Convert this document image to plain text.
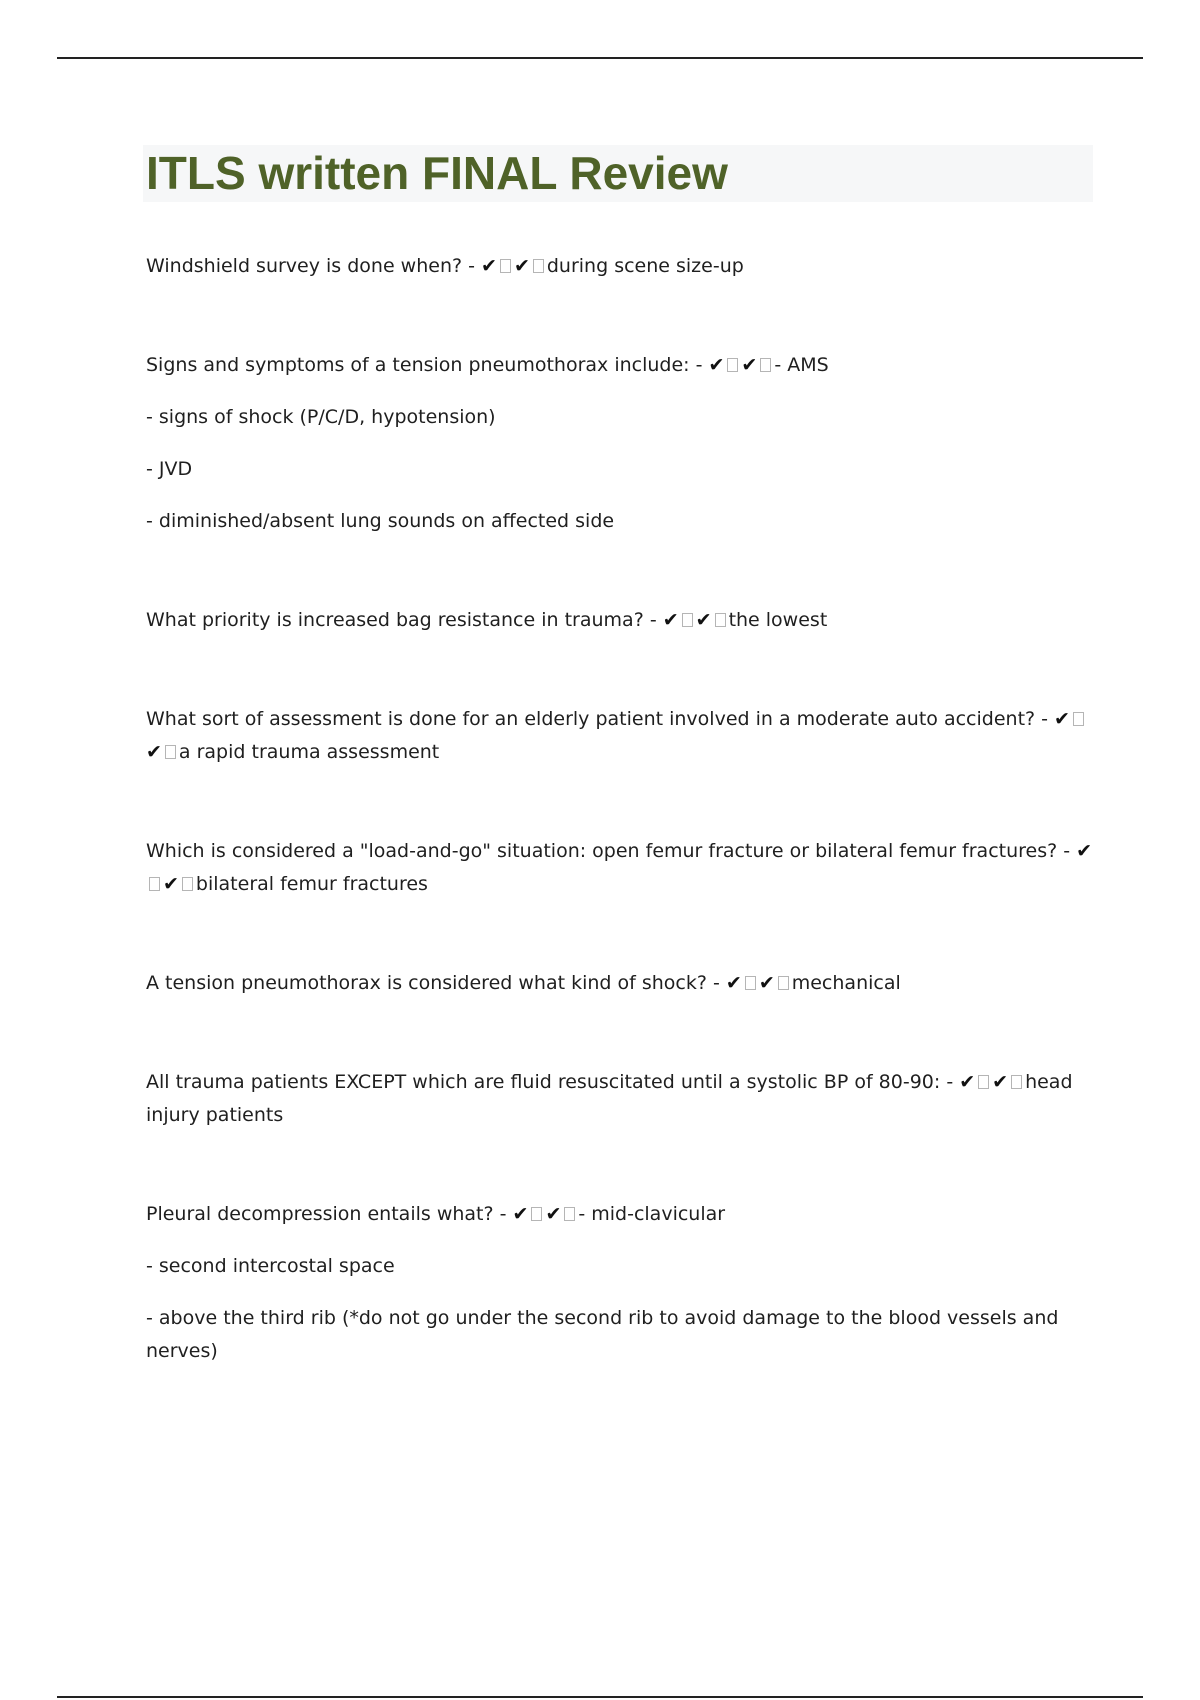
ITLS written FINAL Review

Windshield survey is done when? - ✔ ✔ during scene size-up

Signs and symptoms of a tension pneumothorax include: - ✔ ✔ - AMS

- signs of shock (P/C/D, hypotension)

- JVD

- diminished/absent lung sounds on affected side

What priority is increased bag resistance in trauma? - ✔ ✔ the lowest

What sort of assessment is done for an elderly patient involved in a moderate auto accident? - ✔✔ a rapid trauma assessment

Which is considered a "load-and-go" situation: open femur fracture or bilateral femur fractures? - ✔✔ bilateral femur fractures

A tension pneumothorax is considered what kind of shock? - ✔ ✔ mechanical

All trauma patients EXCEPT which are fluid resuscitated until a systolic BP of 80-90: - ✔ ✔ head injury patients

Pleural decompression entails what? - ✔ ✔ - mid-clavicular

- second intercostal space

- above the third rib (*do not go under the second rib to avoid damage to the blood vessels and nerves)
